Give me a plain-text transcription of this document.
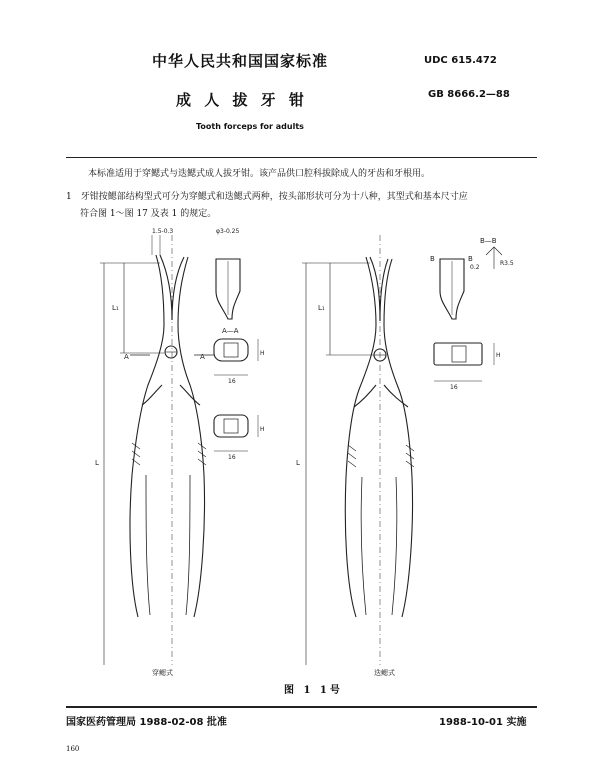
中华人民共和国国家标准	UDC 615.472
成 人 拔 牙 钳	GB 8666.2—88
Tooth forceps for adults
本标准适用于穿鳃式与迭鳃式成人拔牙钳。该产品供口腔科拔除成人的牙齿和牙根用。
1　牙钳按鳃部结构型式可分为穿鳃式和迭鳃式两种，按头部形状可分为十八种，其型式和基本尺寸应
符合图 1～图 17 及表 1 的规定。
1.5-0.3	φ3-0.25
A—A
A	A
L₁
L
16
H
16
H
L₁
L
B—B
B	B
0.2
R3.5
16
H
穿鳃式	迭鳃式
图 1 1号
国家医药管理局 1988-02-08 批准	1988-10-01 实施
160
